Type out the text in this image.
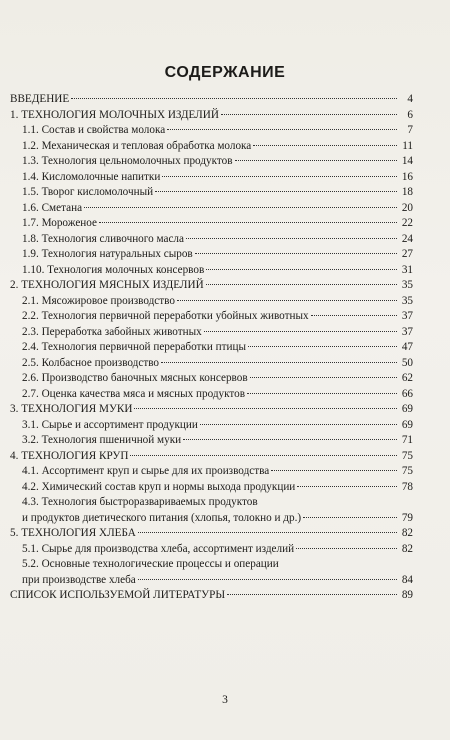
СОДЕРЖАНИЕ
ВВЕДЕНИЕ	4
1. ТЕХНОЛОГИЯ МОЛОЧНЫХ ИЗДЕЛИЙ	6
1.1. Состав и свойства молока	7
1.2. Механическая и тепловая обработка молока	11
1.3. Технология цельномолочных продуктов	14
1.4. Кисломолочные напитки	16
1.5. Творог кисломолочный	18
1.6. Сметана	20
1.7. Мороженое	22
1.8. Технология сливочного масла	24
1.9. Технология натуральных сыров	27
1.10. Технология молочных консервов	31
2. ТЕХНОЛОГИЯ МЯСНЫХ ИЗДЕЛИЙ	35
2.1. Мясожировое производство	35
2.2. Технология первичной переработки убойных животных	37
2.3. Переработка забойных животных	37
2.4. Технология первичной переработки птицы	47
2.5. Колбасное производство	50
2.6. Производство баночных мясных консервов	62
2.7. Оценка качества мяса и мясных продуктов	66
3. ТЕХНОЛОГИЯ МУКИ	69
3.1. Сырье и ассортимент продукции	69
3.2. Технология пшеничной муки	71
4. ТЕХНОЛОГИЯ КРУП	75
4.1. Ассортимент круп и сырье для их производства	75
4.2. Химический состав круп и нормы выхода продукции	78
4.3. Технология быстроразвариваемых продуктов
и продуктов диетического питания (хлопья, толокно и др.)	79
5. ТЕХНОЛОГИЯ ХЛЕБА	82
5.1. Сырье для производства хлеба, ассортимент изделий	82
5.2. Основные технологические процессы и операции
при производстве хлеба	84
СПИСОК ИСПОЛЬЗУЕМОЙ ЛИТЕРАТУРЫ	89
3
